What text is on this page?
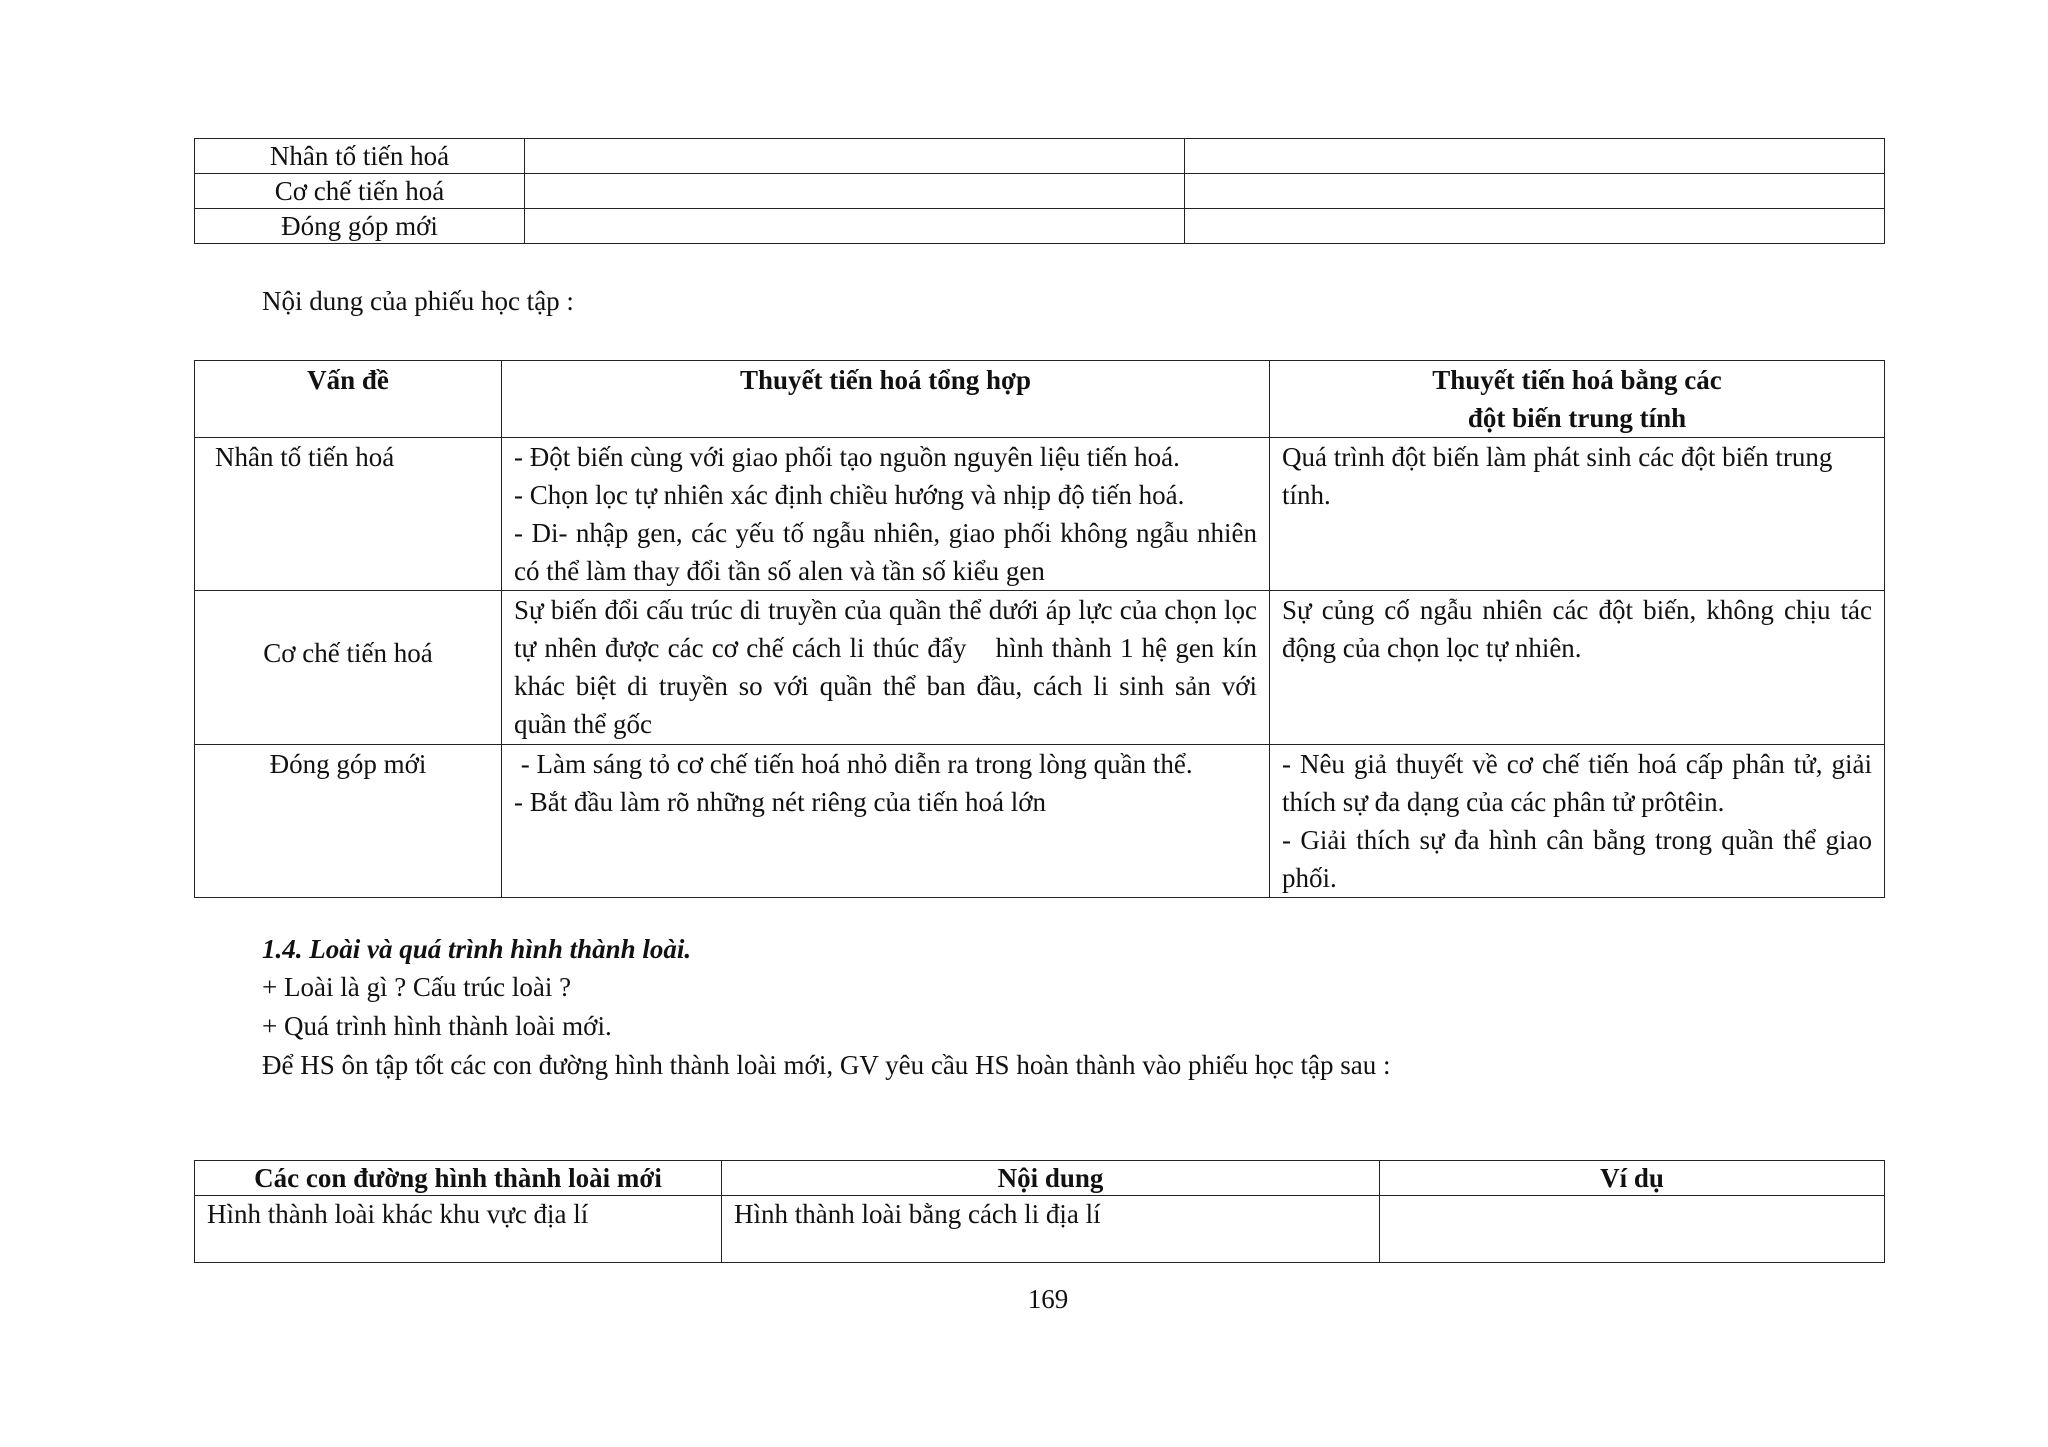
Nhân tố tiến hoá		
Cơ chế tiến hoá		
Đóng góp mới		
Nội dung của phiếu học tập :
Vấn đề	Thuyết tiến hoá tổng hợp	Thuyết tiến hoá bằng các
đột biến trung tính

Nhân tố tiến hoá	- Đột biến cùng với giao phối tạo nguồn nguyên liệu tiến hoá.
- Chọn lọc tự nhiên xác định chiều hướng và nhịp độ tiến hoá.
- Di- nhập gen, các yếu tố ngẫu nhiên, giao phối không ngẫu nhiên có thể làm thay đổi tần số alen và tần số kiểu gen	Quá trình đột biến làm phát sinh các đột biến trung tính.

Cơ chế tiến hoá	Sự biến đổi cấu trúc di truyền của quần thể dưới áp lực của chọn lọc tự nhên được các cơ chế cách li thúc đẩy hình thành 1 hệ gen kín khác biệt di truyền so với quần thể ban đầu, cách li sinh sản với quần thể gốc	Sự củng cố ngẫu nhiên các đột biến, không chịu tác động của chọn lọc tự nhiên.
Đóng góp mới	- Làm sáng tỏ cơ chế tiến hoá nhỏ diễn ra trong lòng quần thể.
- Bắt đầu làm rõ những nét riêng của tiến hoá lớn	- Nêu giả thuyết về cơ chế tiến hoá cấp phân tử, giải thích sự đa dạng của các phân tử prôtêin.
- Giải thích sự đa hình cân bằng trong quần thể giao phối.
1.4. Loài và quá trình hình thành loài.
+ Loài là gì ? Cấu trúc loài ?
+ Quá trình hình thành loài mới.
Để HS ôn tập tốt các con đường hình thành loài mới, GV yêu cầu HS hoàn thành vào phiếu học tập sau :
Các con đường hình thành loài mới	Nội dung	Ví dụ
Hình thành loài khác khu vực địa lí	Hình thành loài bằng cách li địa lí	
169
